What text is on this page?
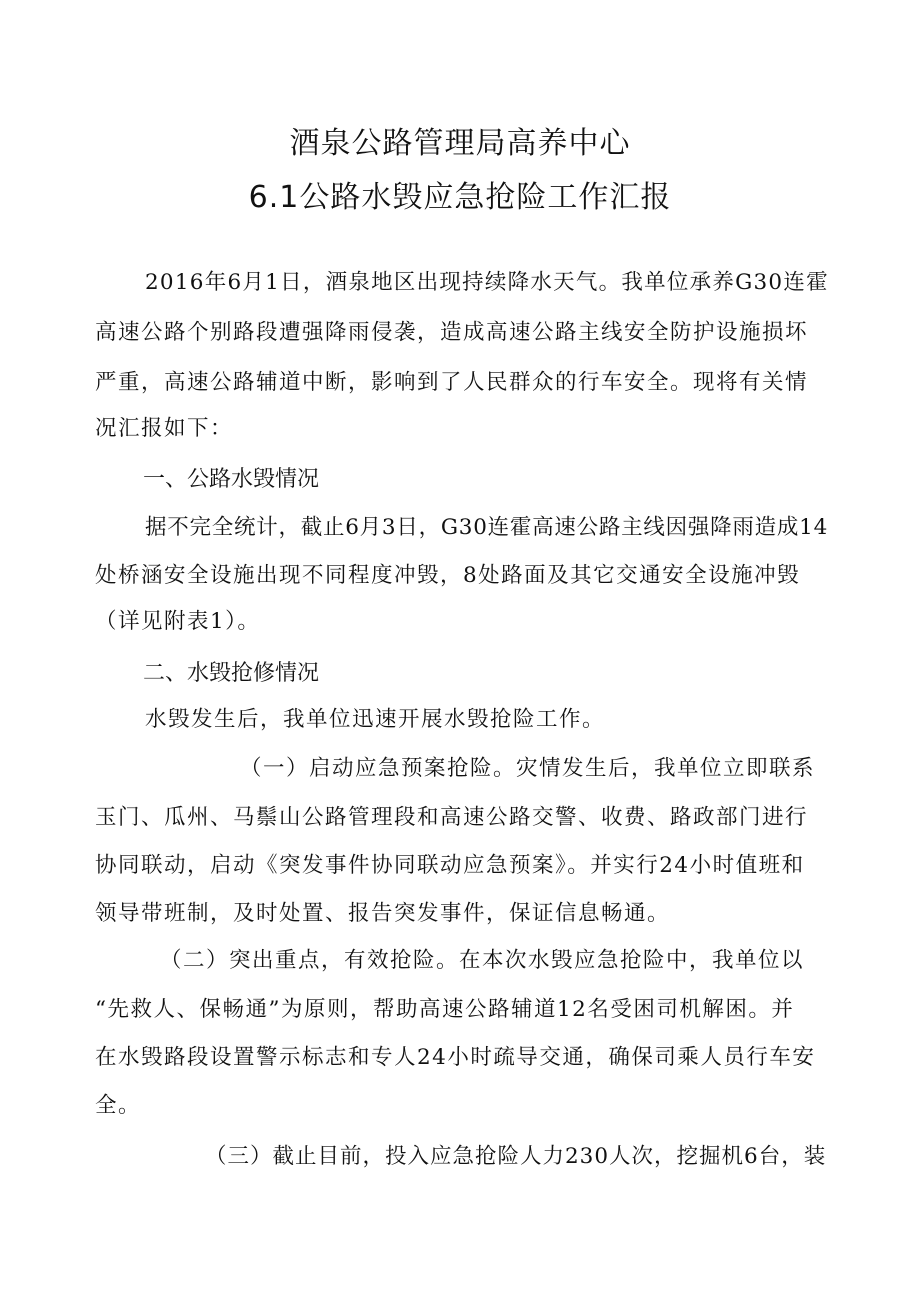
酒泉公路管理局高养中心
6.1公路水毁应急抢险工作汇报
2016年6月1日，酒泉地区出现持续降水天气。我单位承养G30连霍
高速公路个别路段遭强降雨侵袭，造成高速公路主线安全防护设施损坏
严重，高速公路辅道中断，影响到了人民群众的行车安全。现将有关情
况汇报如下：
一、公路水毁情况
据不完全统计，截止6月3日，G30连霍高速公路主线因强降雨造成14
处桥涵安全设施出现不同程度冲毁，8处路面及其它交通安全设施冲毁
（详见附表1）。
二、水毁抢修情况
水毁发生后，我单位迅速开展水毁抢险工作。
（一）启动应急预案抢险。灾情发生后，我单位立即联系
玉门、瓜州、马鬃山公路管理段和高速公路交警、收费、路政部门进行
协同联动，启动《突发事件协同联动应急预案》。并实行24小时值班和
领导带班制，及时处置、报告突发事件，保证信息畅通。
（二）突出重点，有效抢险。在本次水毁应急抢险中，我单位以
“先救人、保畅通”为原则，帮助高速公路辅道12名受困司机解困。并
在水毁路段设置警示标志和专人24小时疏导交通，确保司乘人员行车安
全。
（三）截止目前，投入应急抢险人力230人次，挖掘机6台，装
